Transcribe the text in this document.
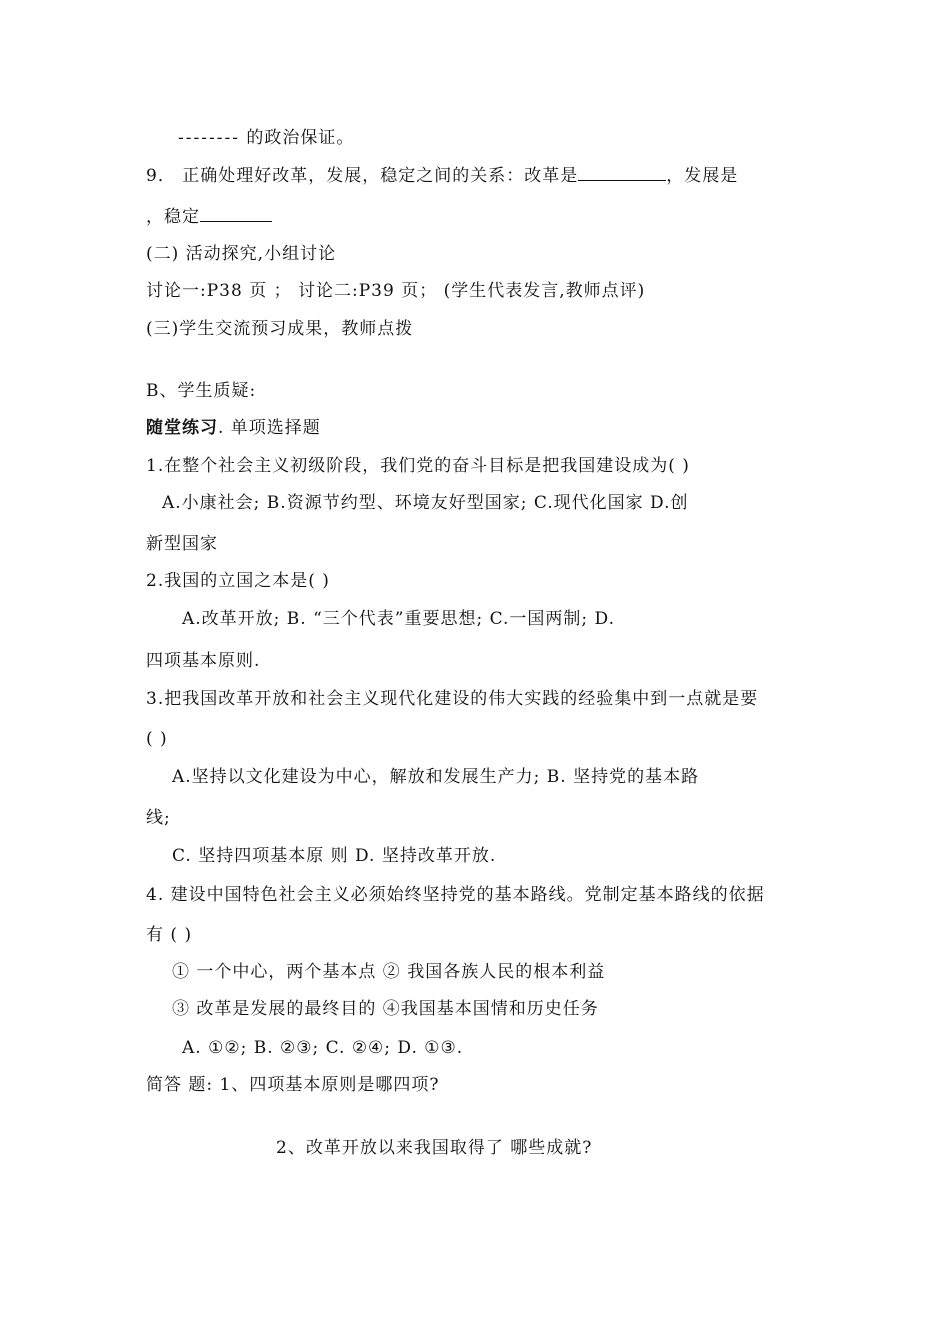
-------- 的政治保证。
9． 正确处理好改革，发展，稳定之间的关系：改革是	，发展是
，稳定
(二) 活动探究,小组讨论
讨论一:P38 页 ； 讨论二:P39 页； (学生代表发言,教师点评)
(三)学生交流预习成果，教师点拨
B、学生质疑:
随堂练习. 单项选择题
1.在整个社会主义初级阶段，我们党的奋斗目标是把我国建设成为( )
A.小康社会; B.资源节约型、环境友好型国家; C.现代化国家 D.创
新型国家
2.我国的立国之本是( )
A.改革开放; B. “三个代表”重要思想; C.一国两制; D.
四项基本原则.
3.把我国改革开放和社会主义现代化建设的伟大实践的经验集中到一点就是要
( )
A.坚持以文化建设为中心，解放和发展生产力; B. 坚持党的基本路
线;
C. 坚持四项基本原 则 D. 坚持改革开放.
4. 建设中国特色社会主义必须始终坚持党的基本路线。党制定基本路线的依据
有 ( )
① 一个中心，两个基本点 ② 我国各族人民的根本利益
③ 改革是发展的最终目的 ④我国基本国情和历史任务
A. ①②; B. ②③; C. ②④; D. ①③.
简答 题: 1、四项基本原则是哪四项?
2、改革开放以来我国取得了 哪些成就?
